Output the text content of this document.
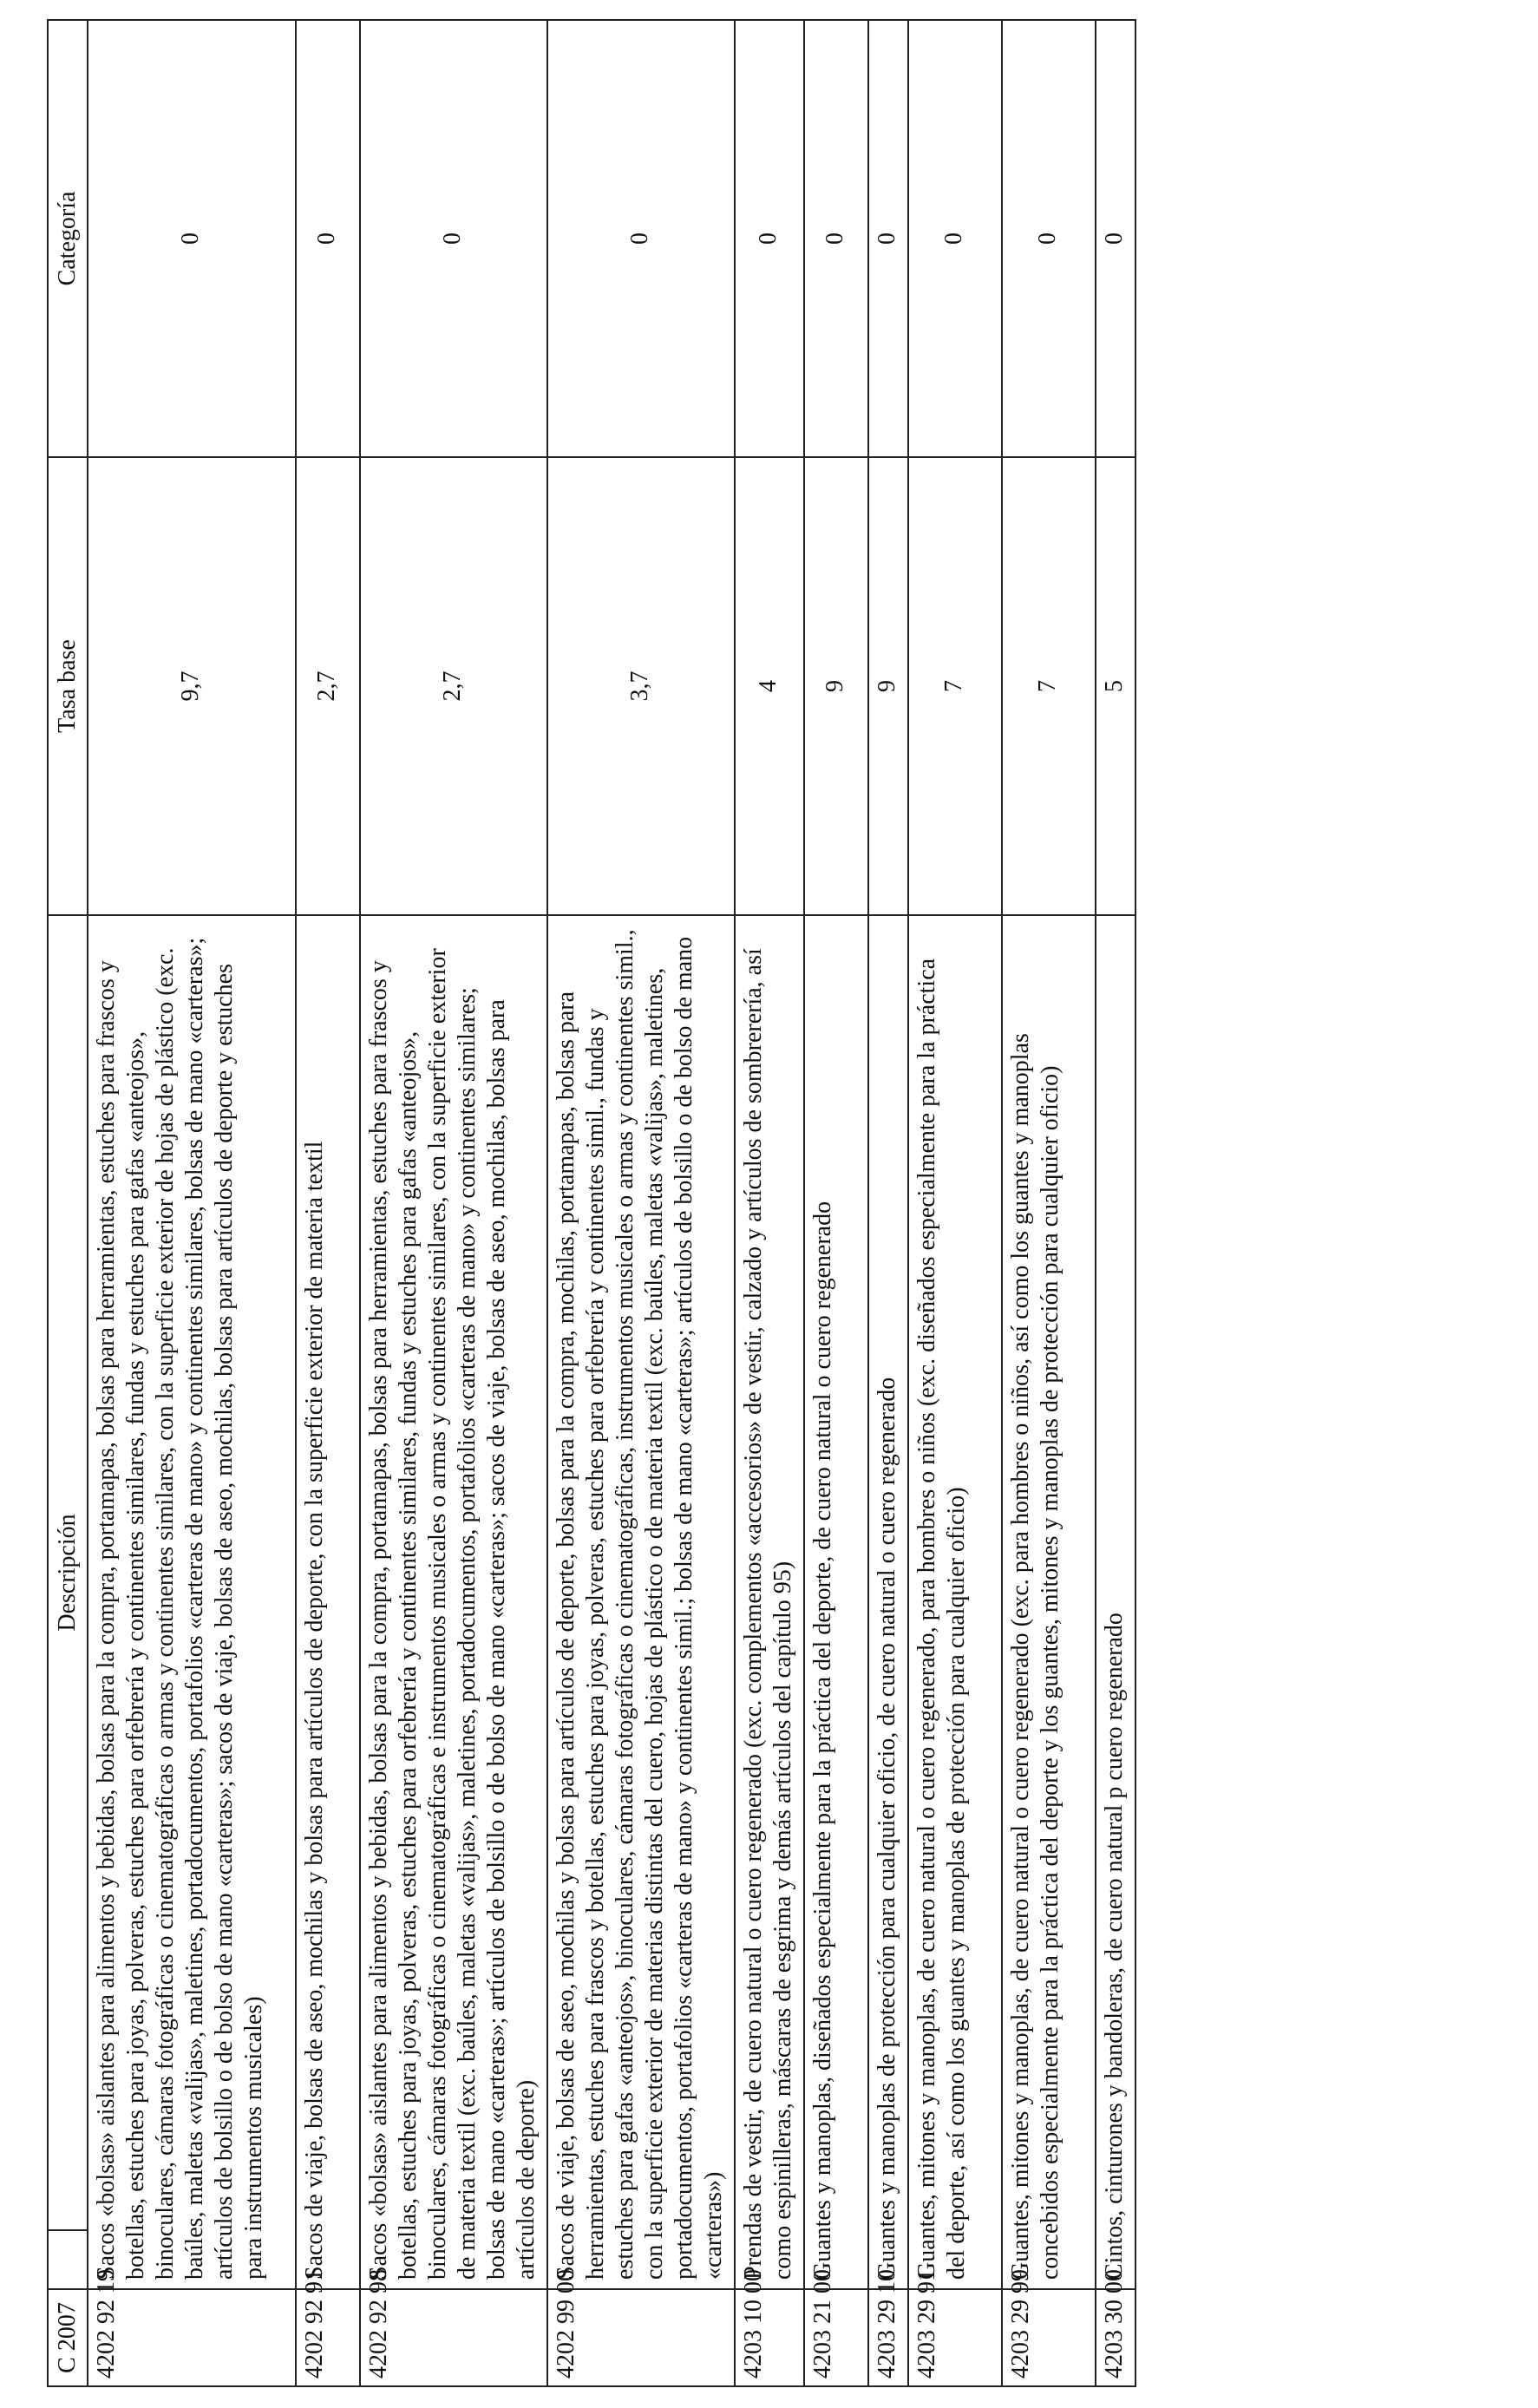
C 2007		Descripción	Tasa base	Categoría
4202 92 19	Sacos «bolsas» aislantes para alimentos y bebidas, bolsas para la compra, portamapas, bolsas para herramientas, estuches para frascos y botellas, estuches para joyas, polveras, estuches para orfebrería y continentes similares, fundas y estuches para gafas «anteojos», binoculares, cámaras fotográficas o cinematográficas o armas y continentes similares, con la superficie exterior de hojas de plástico (exc. baúles, maletas «valijas», maletines, portadocumentos, portafolios «carteras de mano» y continentes similares, bolsas de mano «carteras»; artículos de bolsillo o de bolso de mano «carteras»; sacos de viaje, bolsas de aseo, mochilas, bolsas para artículos de deporte y estuches para instrumentos musicales)		9,7	0
4202 92 91	Sacos de viaje, bolsas de aseo, mochilas y bolsas para artículos de deporte, con la superficie exterior de materia textil		2,7	0
4202 92 98	Sacos «bolsas» aislantes para alimentos y bebidas, bolsas para la compra, portamapas, bolsas para herramientas, estuches para frascos y botellas, estuches para joyas, polveras, estuches para orfebrería y continentes similares, fundas y estuches para gafas «anteojos», binoculares, cámaras fotográficas o cinematográficas e instrumentos musicales o armas y continentes similares, con la superficie exterior de materia textil (exc. baúles, maletas «valijas», maletines, portadocumentos, portafolios «carteras de mano» y continentes similares; bolsas de mano «carteras»; artículos de bolsillo o de bolso de mano «carteras»; sacos de viaje, bolsas de aseo, mochilas, bolsas para artículos de deporte)		2,7	0
4202 99 00	Sacos de viaje, bolsas de aseo, mochilas y bolsas para artículos de deporte, bolsas para la compra, mochilas, portamapas, bolsas para herramientas, estuches para frascos y botellas, estuches para joyas, polveras, estuches para orfebrería y continentes simil., fundas y estuches para gafas «anteojos», binoculares, cámaras fotográficas o cinematográficas, instrumentos musicales o armas y continentes simil., con la superficie exterior de materias distintas del cuero, hojas de plástico o de materia textil (exc. baúles, maletas «valijas», maletines, portadocumentos, portafolios «carteras de mano» y continentes simil.; bolsas de mano «carteras»; artículos de bolsillo o de bolso de mano «carteras»)		3,7	0
4203 10 00	Prendas de vestir, de cuero natural o cuero regenerado (exc. complementos «accesorios» de vestir, calzado y artículos de sombrerería, así como espinilleras, máscaras de esgrima y demás artículos del capítulo 95)		4	0
4203 21 00	Guantes y manoplas, diseñados especialmente para la práctica del deporte, de cuero natural o cuero regenerado		9	0
4203 29 10	Guantes y manoplas de protección para cualquier oficio, de cuero natural o cuero regenerado		9	0
4203 29 91	Guantes, mitones y manoplas, de cuero natural o cuero regenerado, para hombres o niños (exc. diseñados especialmente para la práctica del deporte, así como los guantes y manoplas de protección para cualquier oficio)		7	0
4203 29 99	Guantes, mitones y manoplas, de cuero natural o cuero regenerado (exc. para hombres o niños, así como los guantes y manoplas concebidos especialmente para la práctica del deporte y los guantes, mitones y manoplas de protección para cualquier oficio)		7	0
4203 30 00	Cintos, cinturones y bandoleras, de cuero natural p cuero regenerado		5	0
